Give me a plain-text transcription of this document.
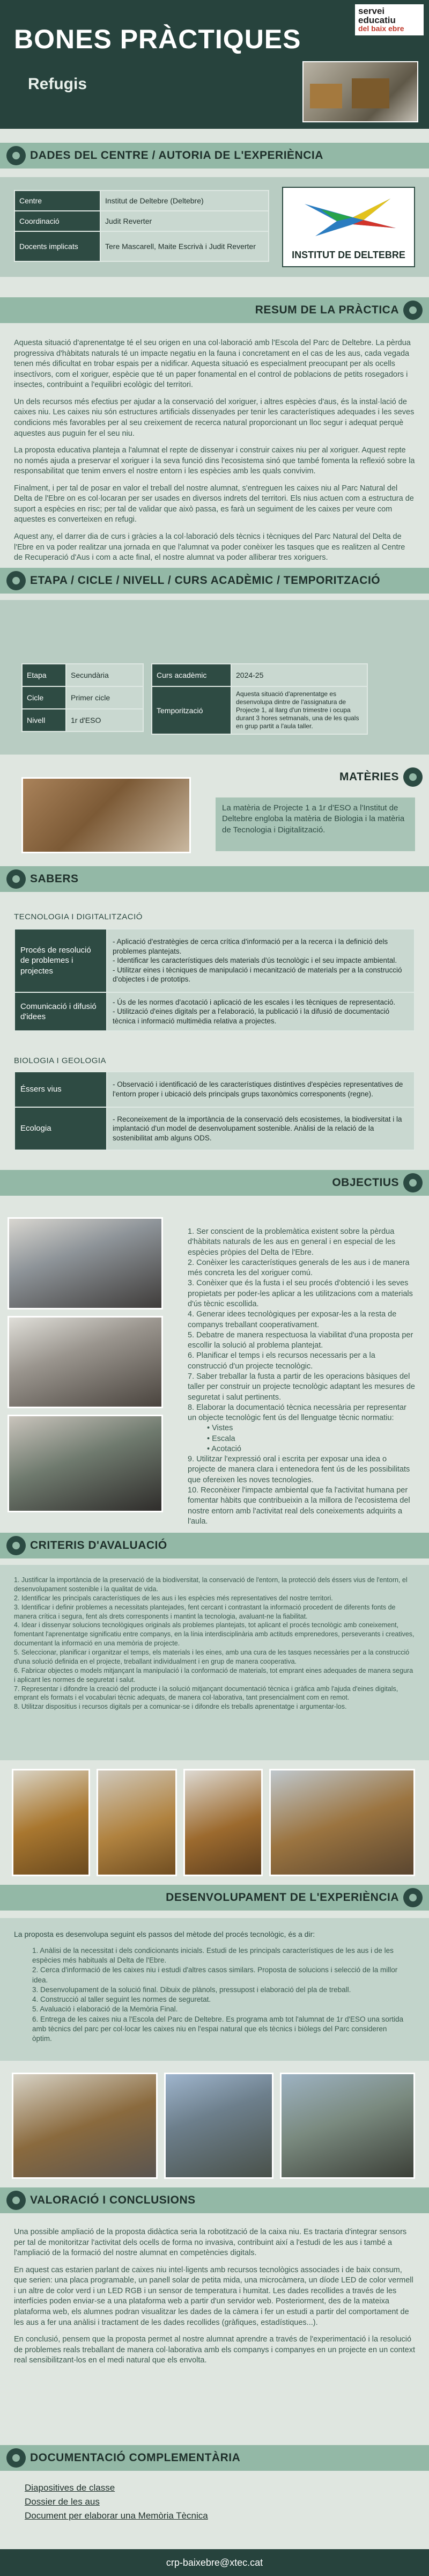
BONES PRÀCTIQUES
Refugis
servei
educatiu
del baix ebre
DADES DEL CENTRE / AUTORIA DE L'EXPERIÈNCIA
Centre	Institut de Deltebre (Deltebre)
Coordinació	Judit Reverter
Docents implicats	Tere Mascarell, Maite Escrivà i Judit Reverter
INSTITUT DE DELTEBRE
RESUM DE LA PRÀCTICA

Aquesta situació d'aprenentatge té el seu origen en una col·laboració amb l'Escola del Parc de Deltebre. La pèrdua progressiva d'hàbitats naturals té un impacte negatiu en la fauna i concretament en el cas de les aus, cada vegada tenen més dificultat en trobar espais per a nidificar. Aquesta situació es especialment preocupant per als ocells insectívors, com el xoriguer, espècie que té un paper fonamental en el control de poblacions de petits rosegadors i insectes, contribuint a l'equilibri ecològic del territori.

Un dels recursos més efectius per ajudar a la conservació del xoriguer, i altres espècies d'aus, és la instal·lació de caixes niu. Les caixes niu són estructures artificials dissenyades per tenir les característiques adequades i les seves condicions més favorables per al seu creixement de recerca natural proporcionant un lloc segur i adequat perquè aquestes aus puguin fer el seu niu.

La proposta educativa planteja a l'alumnat el repte de dissenyar i construir caixes niu per al xoriguer. Aquest repte no només ajuda a preservar el xoriguer i la seva funció dins l'ecosistema sinó que també fomenta la reflexió sobre la responsabilitat que tenim envers el nostre entorn i les espècies amb les quals convivim.

Finalment, i per tal de posar en valor el treball del nostre alumnat, s'entreguen les caixes niu al Parc Natural del Delta de l'Ebre on es col·locaran per ser usades en diversos indrets del territori. Els nius actuen com a estructura de suport a espècies en risc; per tal de validar que això passa, es farà un seguiment de les caixes per veure com aquestes es converteixen en refugi.

Aquest any, el darrer dia de curs i gràcies a la col·laboració dels tècnics i tècniques del Parc Natural del Delta de l'Ebre en va poder realitzar una jornada en que l'alumnat va poder conèixer les tasques que es realitzen al Centre de Recuperació d'Aus i com a acte final, el nostre alumnat va poder alliberar tres xoriguers.

ETAPA / CICLE / NIVELL / CURS ACADÈMIC / TEMPORITZACIÓ
Etapa	Secundària
Cicle	Primer cicle
Nivell	1r d'ESO
Curs acadèmic	2024-25
Temporització	Aquesta situació d'aprenentatge es desenvolupa dintre de l'assignatura de Projecte 1, al llarg d'un trimestre i ocupa durant 3 hores setmanals, una de les quals en grup partit a l'aula taller.
MATÈRIES
La matèria de Projecte 1 a 1r d'ESO a l'Institut de Deltebre engloba la matèria de Biologia i la matèria de Tecnologia i Digitalització.
SABERS
TECNOLOGIA I DIGITALITZACIÓ
Procés de resolució de problemes i projectes	- Aplicació d'estratègies de cerca crítica d'informació per a la recerca i la definició dels problemes plantejats.
- Identificar les característiques dels materials d'ús tecnològic i el seu impacte ambiental.
- Utilitzar eines i tècniques de manipulació i mecanització de materials per a la construcció d'objectes i de prototips.
Comunicació i difusió d'idees	- Ús de les normes d'acotació i aplicació de les escales i les tècniques de representació.
- Utilització d'eines digitals per a l'elaboració, la publicació i la difusió de documentació tècnica i informació multimèdia relativa a projectes.
BIOLOGIA I GEOLOGIA
Éssers vius	- Observació i identificació de les característiques distintives d'espècies representatives de l'entorn proper i ubicació dels principals grups taxonòmics corresponents (regne).
Ecologia	- Reconeixement de la importància de la conservació dels ecosistemes, la biodiversitat i la implantació d'un model de desenvolupament sostenible. Anàlisi de la relació de la sostenibilitat amb alguns ODS.
OBJECTIUS
1. Ser conscient de la problemàtica existent sobre la pèrdua d'hàbitats naturals de les aus en general i en especial de les espècies pròpies del Delta de l'Ebre.
2. Conèixer les característiques generals de les aus i de manera més concreta les del xoriguer comú.
3. Conèixer que és la fusta i el seu procés d'obtenció i les seves propietats per poder-les aplicar a les utilitzacions com a materials d'ús tècnic escollida.
4. Generar idees tecnològiques per exposar-les a la resta de companys treballant cooperativament.
5. Debatre de manera respectuosa la viabilitat d'una proposta per escollir la solució al problema plantejat.
6. Planificar el temps i els recursos necessaris per a la construcció d'un projecte tecnològic.
7. Saber treballar la fusta a partir de les operacions bàsiques del taller per construir un projecte tecnològic adaptant les mesures de seguretat i salut pertinents.
8. Elaborar la documentació tècnica necessària per representar un objecte tecnològic fent ús del llenguatge tècnic normatiu:
• Vistes
• Escala
• Acotació
9. Utilitzar l'expressió oral i escrita per exposar una idea o projecte de manera clara i entenedora fent ús de les possibilitats que ofereixen les noves tecnologies.
10. Reconèixer l'impacte ambiental que fa l'activitat humana per fomentar hàbits que contribueixin a la millora de l'ecosistema del nostre entorn amb l'activitat real dels coneixements adquirits a l'aula.
CRITERIS D'AVALUACIÓ
1. Justificar la importància de la preservació de la biodiversitat, la conservació de l'entorn, la protecció dels éssers vius de l'entorn, el desenvolupament sostenible i la qualitat de vida.
2. Identificar les principals característiques de les aus i les espècies més representatives del nostre territori.
3. Identificar i definir problemes a necessitats plantejades, fent cercant i contrastant la informació procedent de diferents fonts de manera crítica i segura, fent als drets corresponents i mantint la tecnologia, avaluant-ne la fiabilitat.
4. Idear i dissenyar solucions tecnològiques originals als problemes plantejats, tot aplicant el procés tecnològic amb coneixement, fomentant l'aprenentatge significatiu entre companys, en la línia interdisciplinària amb actituds emprenedores, perseverants i creatives, documentant la informació en una memòria de projecte.
5. Seleccionar, planificar i organitzar el temps, els materials i les eines, amb una cura de les tasques necessàries per a la construcció d'una solució definida en el projecte, treballant individualment i en grup de manera cooperativa.
6. Fabricar objectes o models mitjançant la manipulació i la conformació de materials, tot emprant eines adequades de manera segura i aplicant les normes de seguretat i salut.
7. Representar i difondre la creació del producte i la solució mitjançant documentació tècnica i gràfica amb l'ajuda d'eines digitals, emprant els formats i el vocabulari tècnic adequats, de manera col·laborativa, tant presencialment com en remot.
8. Utilitzar dispositius i recursos digitals per a comunicar-se i difondre els treballs aprenentatge i argumentar-los.
DESENVOLUPAMENT DE L'EXPERIÈNCIA
La proposta es desenvolupa seguint els passos del mètode del procés tecnològic, és a dir:
1. Anàlisi de la necessitat i dels condicionants inicials. Estudi de les principals característiques de les aus i de les espècies més habituals al Delta de l'Ebre.
2. Cerca d'informació de les caixes niu i estudi d'altres casos similars. Proposta de solucions i selecció de la millor idea.
3. Desenvolupament de la solució final. Dibuix de plànols, pressupost i elaboració del pla de treball.
4. Construcció al taller seguint les normes de seguretat.
5. Avaluació i elaboració de la Memòria Final.
6. Entrega de les caixes niu a l'Escola del Parc de Deltebre. Es programa amb tot l'alumnat de 1r d'ESO una sortida amb tècnics del parc per col·locar les caixes niu en l'espai natural que els tècnics i biòlegs del Parc consideren òptim.
VALORACIÓ I CONCLUSIONS

Una possible ampliació de la proposta didàctica seria la robotització de la caixa niu. Es tractaria d'integrar sensors per tal de monitoritzar l'activitat dels ocells de forma no invasiva, contribuint així a l'estudi de les aus i també a l'ampliació de la formació del nostre alumnat en competències digitals.

En aquest cas estarien parlant de caixes niu intel·ligents amb recursos tecnològics associades i de baix consum, que serien: una placa programable, un panell solar de petita mida, una microcàmera, un díode LED de color vermell i un altre de color verd i un LED RGB i un sensor de temperatura i humitat. Les dades recollides a través de les interfícies poden enviar-se a una plataforma web a partir d'un servidor web. Posteriorment, des de la mateixa plataforma web, els alumnes podran visualitzar les dades de la càmera i fer un estudi a partir del comportament de les aus a fer una anàlisi i tractament de les dades recollides (gràfiques, estadístiques...).

En conclusió, pensem que la proposta permet al nostre alumnat aprendre a través de l'experimentació i la resolució de problemes reals treballant de manera col·laborativa amb els companys i companyes en un projecte en un context real sensibilitzant-los en el medi natural que els envolta.

DOCUMENTACIÓ COMPLEMENTÀRIA
Diapositives de classe
Dossier de les aus
Document per elaborar una Memòria Tècnica
crp-baixebre@xtec.cat
